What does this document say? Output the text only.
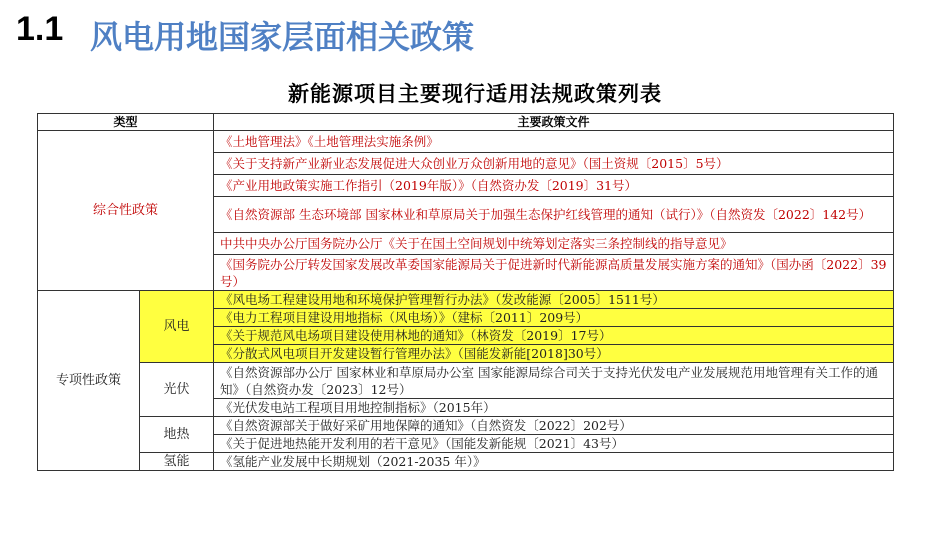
1.1 风电用地国家层面相关政策
新能源项目主要现行适用法规政策列表
类型		主要政策文件
综合性政策		《土地管理法》《土地管理法实施条例》
		《关于支持新产业新业态发展促进大众创业万众创新用地的意见》（国土资规〔2015〕5号）
		《产业用地政策实施工作指引（2019年版）》（自然资办发〔2019〕31号）
		《自然资源部 生态环境部 国家林业和草原局关于加强生态保护红线管理的通知（试行）》（自然资发〔2022〕142号）
		中共中央办公厅国务院办公厅《关于在国土空间规划中统筹划定落实三条控制线的指导意见》
		《国务院办公厅转发国家发展改革委国家能源局关于促进新时代新能源高质量发展实施方案的通知》（国办函〔2022〕39号）
专项性政策	风电	《风电场工程建设用地和环境保护管理暂行办法》（发改能源〔2005〕1511号）
		《电力工程项目建设用地指标（风电场）》（建标〔2011〕209号）
		《关于规范风电场项目建设使用林地的通知》（林资发〔2019〕17号）
		《分散式风电项目开发建设暂行管理办法》（国能发新能[2018]30号）
	光伏	《自然资源部办公厅 国家林业和草原局办公室 国家能源局综合司关于支持光伏发电产业发展规范用地管理有关工作的通知》（自然资办发〔2023〕12号）
		《光伏发电站工程项目用地控制指标》（2015年）
	地热	《自然资源部关于做好采矿用地保障的通知》（自然资发〔2022〕202号）
		《关于促进地热能开发利用的若干意见》（国能发新能规〔2021〕43号）
	氢能	《氢能产业发展中长期规划（2021-2035 年）》
